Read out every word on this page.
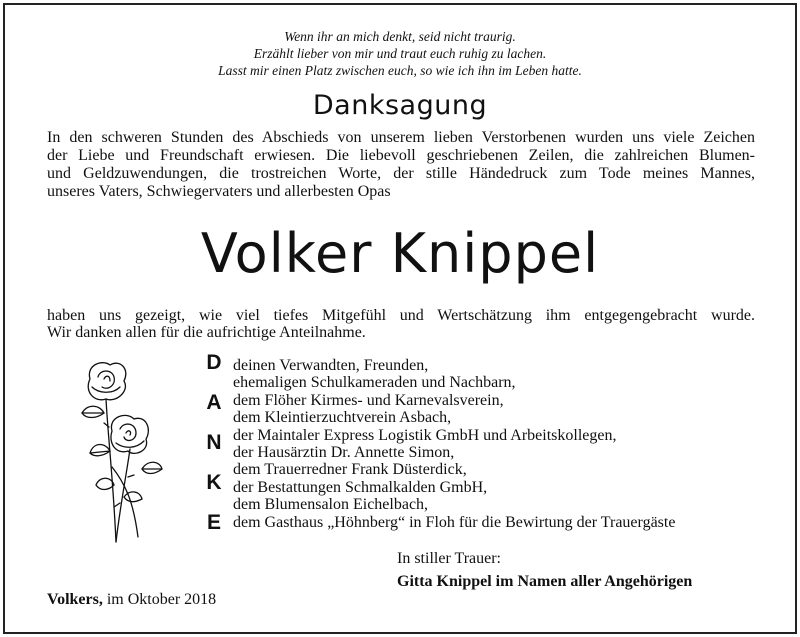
Wenn ihr an mich denkt, seid nicht traurig.
Erzählt lieber von mir und traut euch ruhig zu lachen.
Lasst mir einen Platz zwischen euch, so wie ich ihn im Leben hatte.
Danksagung
In den schweren Stunden des Abschieds von unserem lieben Verstorbenen wurden uns viele Zeichen
der Liebe und Freundschaft erwiesen. Die liebevoll geschriebenen Zeilen, die zahlreichen Blumen-
und Geldzuwendungen, die trostreichen Worte, der stille Händedruck zum Tode meines Mannes,
unseres Vaters, Schwiegervaters und allerbesten Opas
Volker Knippel
haben uns gezeigt, wie viel tiefes Mitgefühl und Wertschätzung ihm entgegengebracht wurde.
Wir danken allen für die aufrichtige Anteilnahme.
D
A
N
K
E
deinen Verwandten, Freunden,
ehemaligen Schulkameraden und Nachbarn,
dem Flöher Kirmes- und Karnevalsverein,
dem Kleintierzuchtverein Asbach,
der Maintaler Express Logistik GmbH und Arbeitskollegen,
der Hausärztin Dr. Annette Simon,
dem Trauerredner Frank Düsterdick,
der Bestattungen Schmalkalden GmbH,
dem Blumensalon Eichelbach,
dem Gasthaus „Höhnberg“ in Floh für die Bewirtung der Trauergäste
In stiller Trauer:
Gitta Knippel im Namen aller Angehörigen
Volkers, im Oktober 2018
